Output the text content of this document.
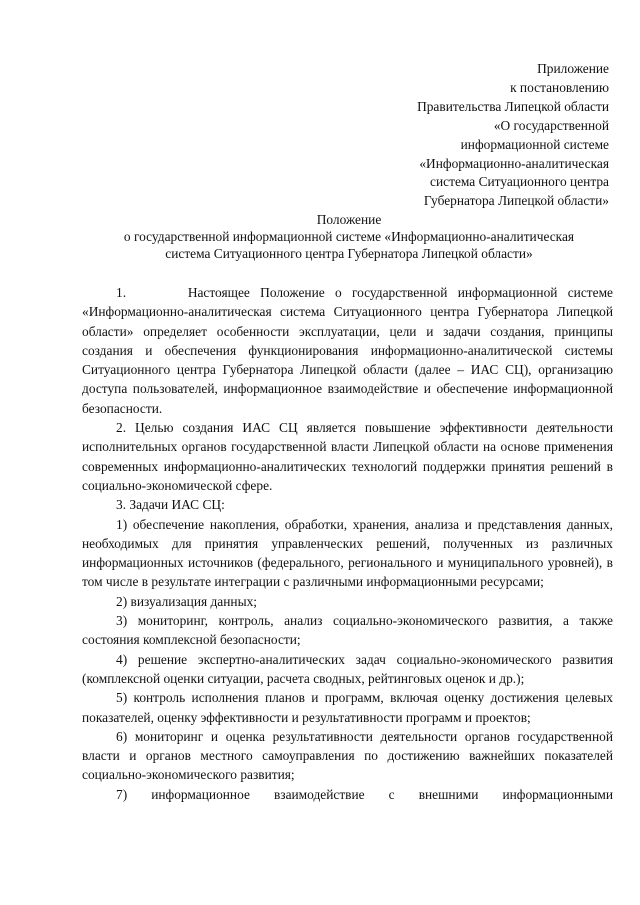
Приложение
к постановлению
Правительства Липецкой области
«О государственной
информационной системе
«Информационно-аналитическая
система Ситуационного центра
Губернатора Липецкой области»
Положение
о государственной информационной системе «Информационно-аналитическая
система Ситуационного центра Губернатора Липецкой области»

1.      Настоящее Положение о государственной информационной системе «Информационно-аналитическая система Ситуационного центра Губернатора Липецкой области» определяет особенности эксплуатации, цели и задачи создания, принципы создания и обеспечения функционирования информационно-аналитической системы Ситуационного центра Губернатора Липецкой области (далее – ИАС СЦ), организацию доступа пользователей, информационное взаимодействие и обеспечение информационной безопасности.

2. Целью создания ИАС СЦ является повышение эффективности деятельности исполнительных органов государственной власти Липецкой области на основе применения современных информационно-аналитических технологий поддержки принятия решений в социально-экономической сфере.

3. Задачи ИАС СЦ:

1) обеспечение накопления, обработки, хранения, анализа и представления данных, необходимых для принятия управленческих решений, полученных из различных информационных источников (федерального, регионального и муниципального уровней), в том числе в результате интеграции с различными информационными ресурсами;

2) визуализация данных;

3) мониторинг, контроль, анализ социально-экономического развития, а также состояния комплексной безопасности;

4) решение экспертно-аналитических задач социально-экономического развития (комплексной оценки ситуации, расчета сводных, рейтинговых оценок и др.);

5) контроль исполнения планов и программ, включая оценку достижения целевых показателей, оценку эффективности и результативности программ и проектов;

6) мониторинг и оценка результативности деятельности органов государственной власти и органов местного самоуправления по достижению важнейших показателей социально-экономического развития;

7) информационное взаимодействие с внешними информационными
